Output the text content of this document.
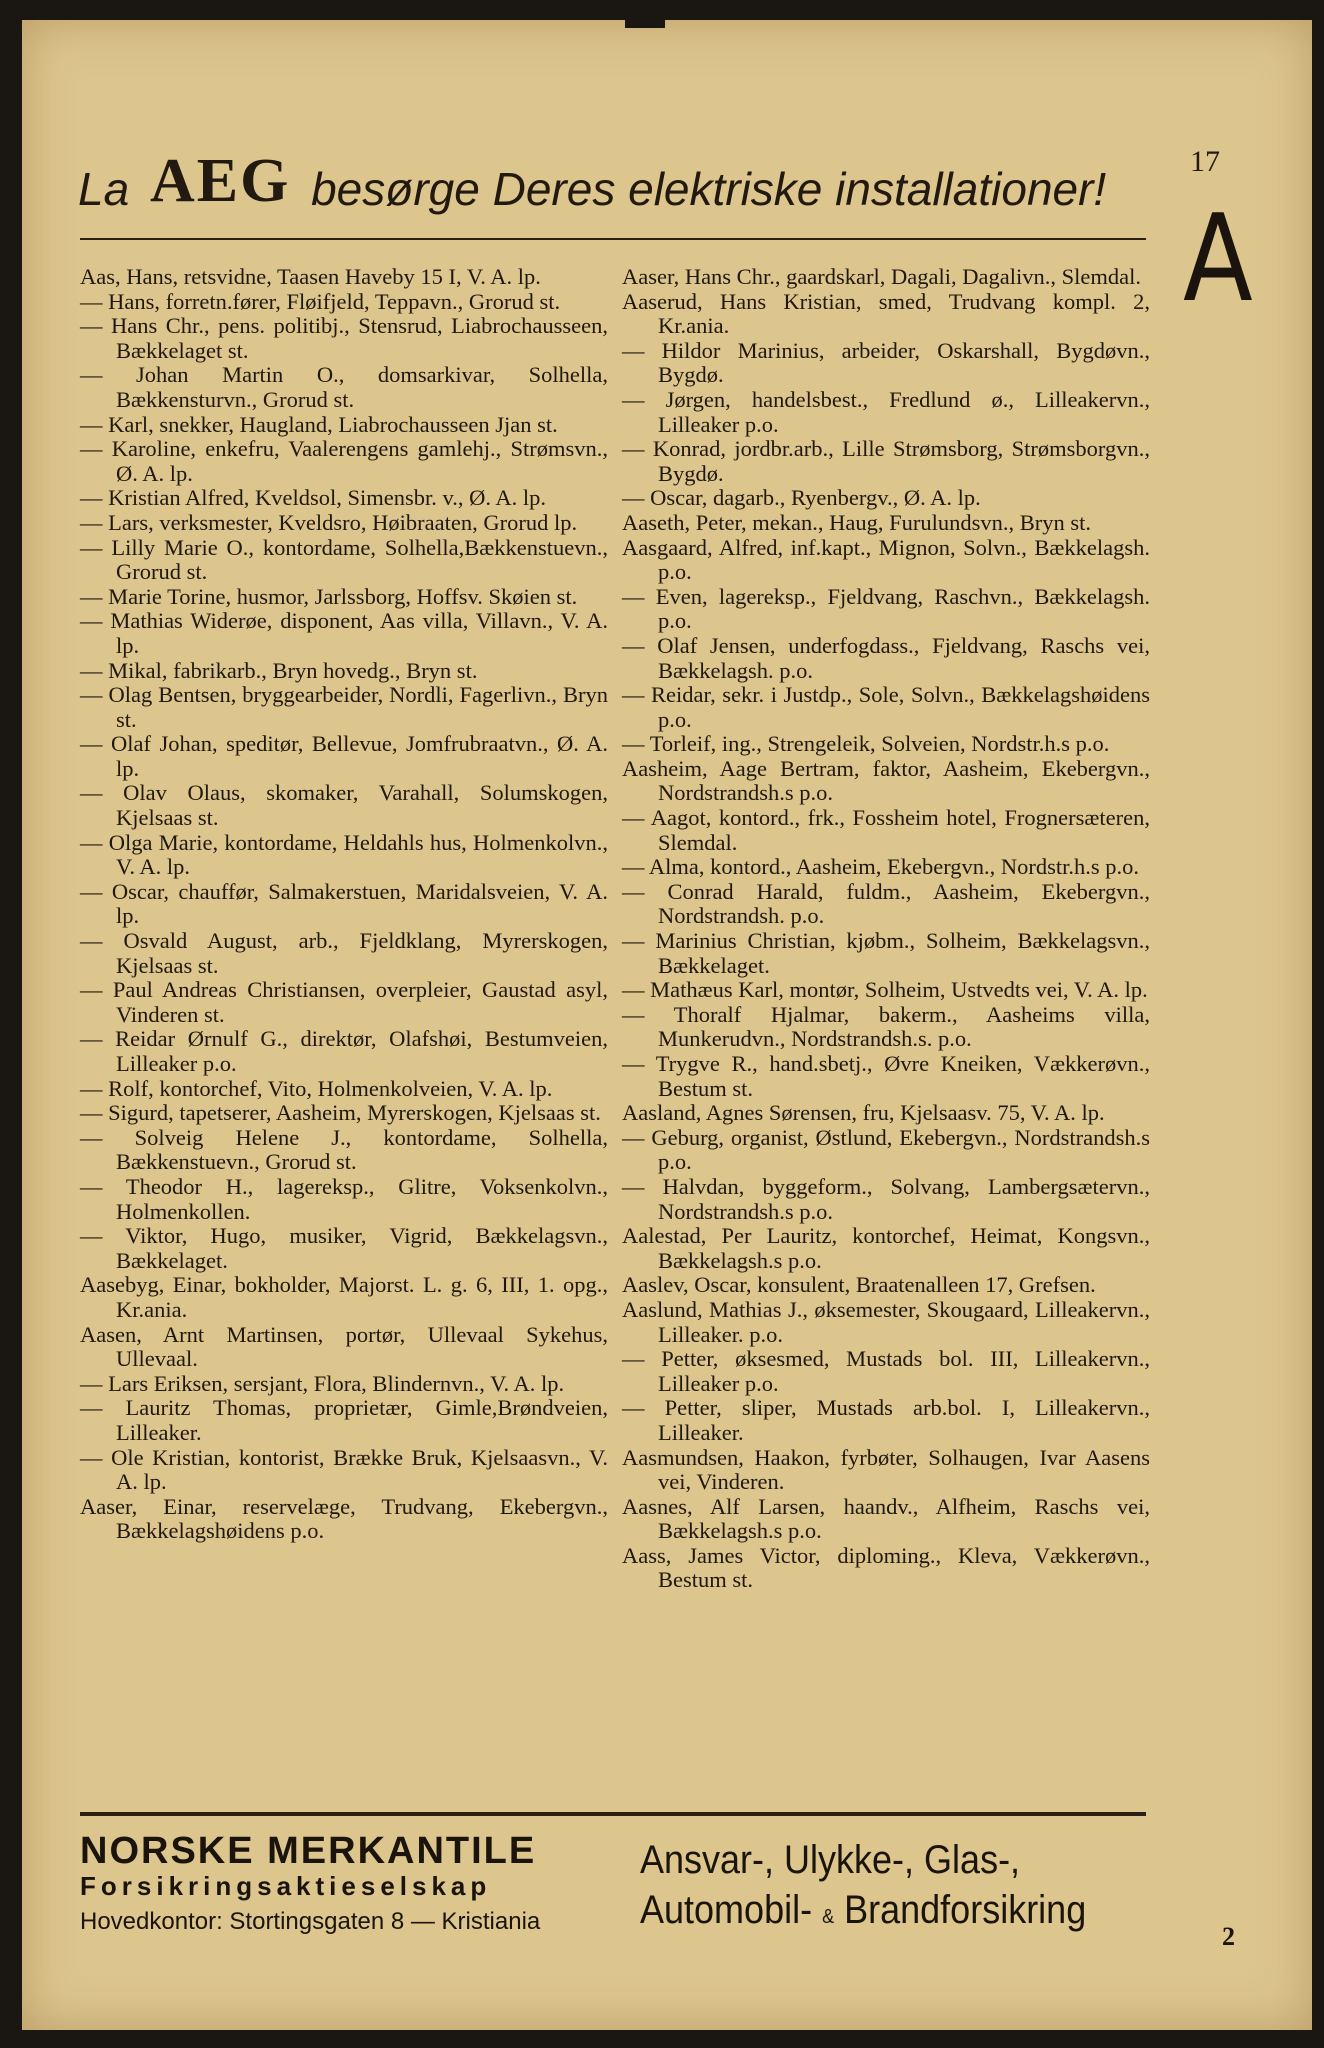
La AEG besørge Deres elektriske installationer!
17
A
Aas, Hans, retsvidne, Taasen Haveby 15 I, V. A. lp.
— Hans, forretn.fører, Fløifjeld, Teppavn., Grorud st.
— Hans Chr., pens. politibj., Stensrud, Liabrochausseen, Bækkelaget st.
— Johan Martin O., domsarkivar, Solhella, Bækkensturvn., Grorud st.
— Karl, snekker, Haugland, Liabrochausseen Jjan st.
— Karoline, enkefru, Vaalerengens gamlehj., Strømsvn., Ø. A. lp.
— Kristian Alfred, Kveldsol, Simensbr. v., Ø. A. lp.
— Lars, verksmester, Kveldsro, Høibraaten, Grorud lp.
— Lilly Marie O., kontordame, Solhella,Bækkenstuevn., Grorud st.
— Marie Torine, husmor, Jarlssborg, Hoffsv. Skøien st.
— Mathias Widerøe, disponent, Aas villa, Villavn., V. A. lp.
— Mikal, fabrikarb., Bryn hovedg., Bryn st.
— Olag Bentsen, bryggearbeider, Nordli, Fagerlivn., Bryn st.
— Olaf Johan, speditør, Bellevue, Jomfrubraatvn., Ø. A. lp.
— Olav Olaus, skomaker, Varahall, Solumskogen, Kjelsaas st.
— Olga Marie, kontordame, Heldahls hus, Holmenkolvn., V. A. lp.
— Oscar, chauffør, Salmakerstuen, Maridalsveien, V. A. lp.
— Osvald August, arb., Fjeldklang, Myrerskogen, Kjelsaas st.
— Paul Andreas Christiansen, overpleier, Gaustad asyl, Vinderen st.
— Reidar Ørnulf G., direktør, Olafshøi, Bestumveien, Lilleaker p.o.
— Rolf, kontorchef, Vito, Holmenkolveien, V. A. lp.
— Sigurd, tapetserer, Aasheim, Myrerskogen, Kjelsaas st.
— Solveig Helene J., kontordame, Solhella, Bækkenstuevn., Grorud st.
— Theodor H., lagereksp., Glitre, Voksenkolvn., Holmenkollen.
— Viktor, Hugo, musiker, Vigrid, Bækkelagsvn., Bækkelaget.
Aasebyg, Einar, bokholder, Majorst. L. g. 6, III, 1. opg., Kr.ania.
Aasen, Arnt Martinsen, portør, Ullevaal Sykehus, Ullevaal.
— Lars Eriksen, sersjant, Flora, Blindernvn., V. A. lp.
— Lauritz Thomas, proprietær, Gimle,Brøndveien, Lilleaker.
— Ole Kristian, kontorist, Brække Bruk, Kjelsaasvn., V. A. lp.
Aaser, Einar, reservelæge, Trudvang, Ekebergvn., Bækkelagshøidens p.o.
Aaser, Hans Chr., gaardskarl, Dagali, Dagalivn., Slemdal.
Aaserud, Hans Kristian, smed, Trudvang kompl. 2, Kr.ania.
— Hildor Marinius, arbeider, Oskarshall, Bygdøvn., Bygdø.
— Jørgen, handelsbest., Fredlund ø., Lilleakervn., Lilleaker p.o.
— Konrad, jordbr.arb., Lille Strømsborg, Strømsborgvn., Bygdø.
— Oscar, dagarb., Ryenbergv., Ø. A. lp.
Aaseth, Peter, mekan., Haug, Furulundsvn., Bryn st.
Aasgaard, Alfred, inf.kapt., Mignon, Solvn., Bækkelagsh. p.o.
— Even, lagereksp., Fjeldvang, Raschvn., Bækkelagsh. p.o.
— Olaf Jensen, underfogdass., Fjeldvang, Raschs vei, Bækkelagsh. p.o.
— Reidar, sekr. i Justdp., Sole, Solvn., Bækkelagshøidens p.o.
— Torleif, ing., Strengeleik, Solveien, Nordstr.h.s p.o.
Aasheim, Aage Bertram, faktor, Aasheim, Ekebergvn., Nordstrandsh.s p.o.
— Aagot, kontord., frk., Fossheim hotel, Frognersæteren, Slemdal.
— Alma, kontord., Aasheim, Ekebergvn., Nordstr.h.s p.o.
— Conrad Harald, fuldm., Aasheim, Ekebergvn., Nordstrandsh. p.o.
— Marinius Christian, kjøbm., Solheim, Bækkelagsvn., Bækkelaget.
— Mathæus Karl, montør, Solheim, Ustvedts vei, V. A. lp.
— Thoralf Hjalmar, bakerm., Aasheims villa, Munkerudvn., Nordstrandsh.s. p.o.
— Trygve R., hand.sbetj., Øvre Kneiken, Vækkerøvn., Bestum st.
Aasland, Agnes Sørensen, fru, Kjelsaasv. 75, V. A. lp.
— Geburg, organist, Østlund, Ekebergvn., Nordstrandsh.s p.o.
— Halvdan, byggeform., Solvang, Lambergsætervn., Nordstrandsh.s p.o.
Aalestad, Per Lauritz, kontorchef, Heimat, Kongsvn., Bækkelagsh.s p.o.
Aaslev, Oscar, konsulent, Braatenalleen 17, Grefsen.
Aaslund, Mathias J., øksemester, Skougaard, Lilleakervn., Lilleaker. p.o.
— Petter, øksesmed, Mustads bol. III, Lilleakervn., Lilleaker p.o.
— Petter, sliper, Mustads arb.bol. I, Lilleakervn., Lilleaker.
Aasmundsen, Haakon, fyrbøter, Solhaugen, Ivar Aasens vei, Vinderen.
Aasnes, Alf Larsen, haandv., Alfheim, Raschs vei, Bækkelagsh.s p.o.
Aass, James Victor, diploming., Kleva, Vækkerøvn., Bestum st.
NORSKE MERKANTILE
Forsikringsaktieselskap
Hovedkontor: Stortingsgaten 8 — Kristiania
Ansvar-, Ulykke-, Glas-,
Automobil- & Brandforsikring
2
